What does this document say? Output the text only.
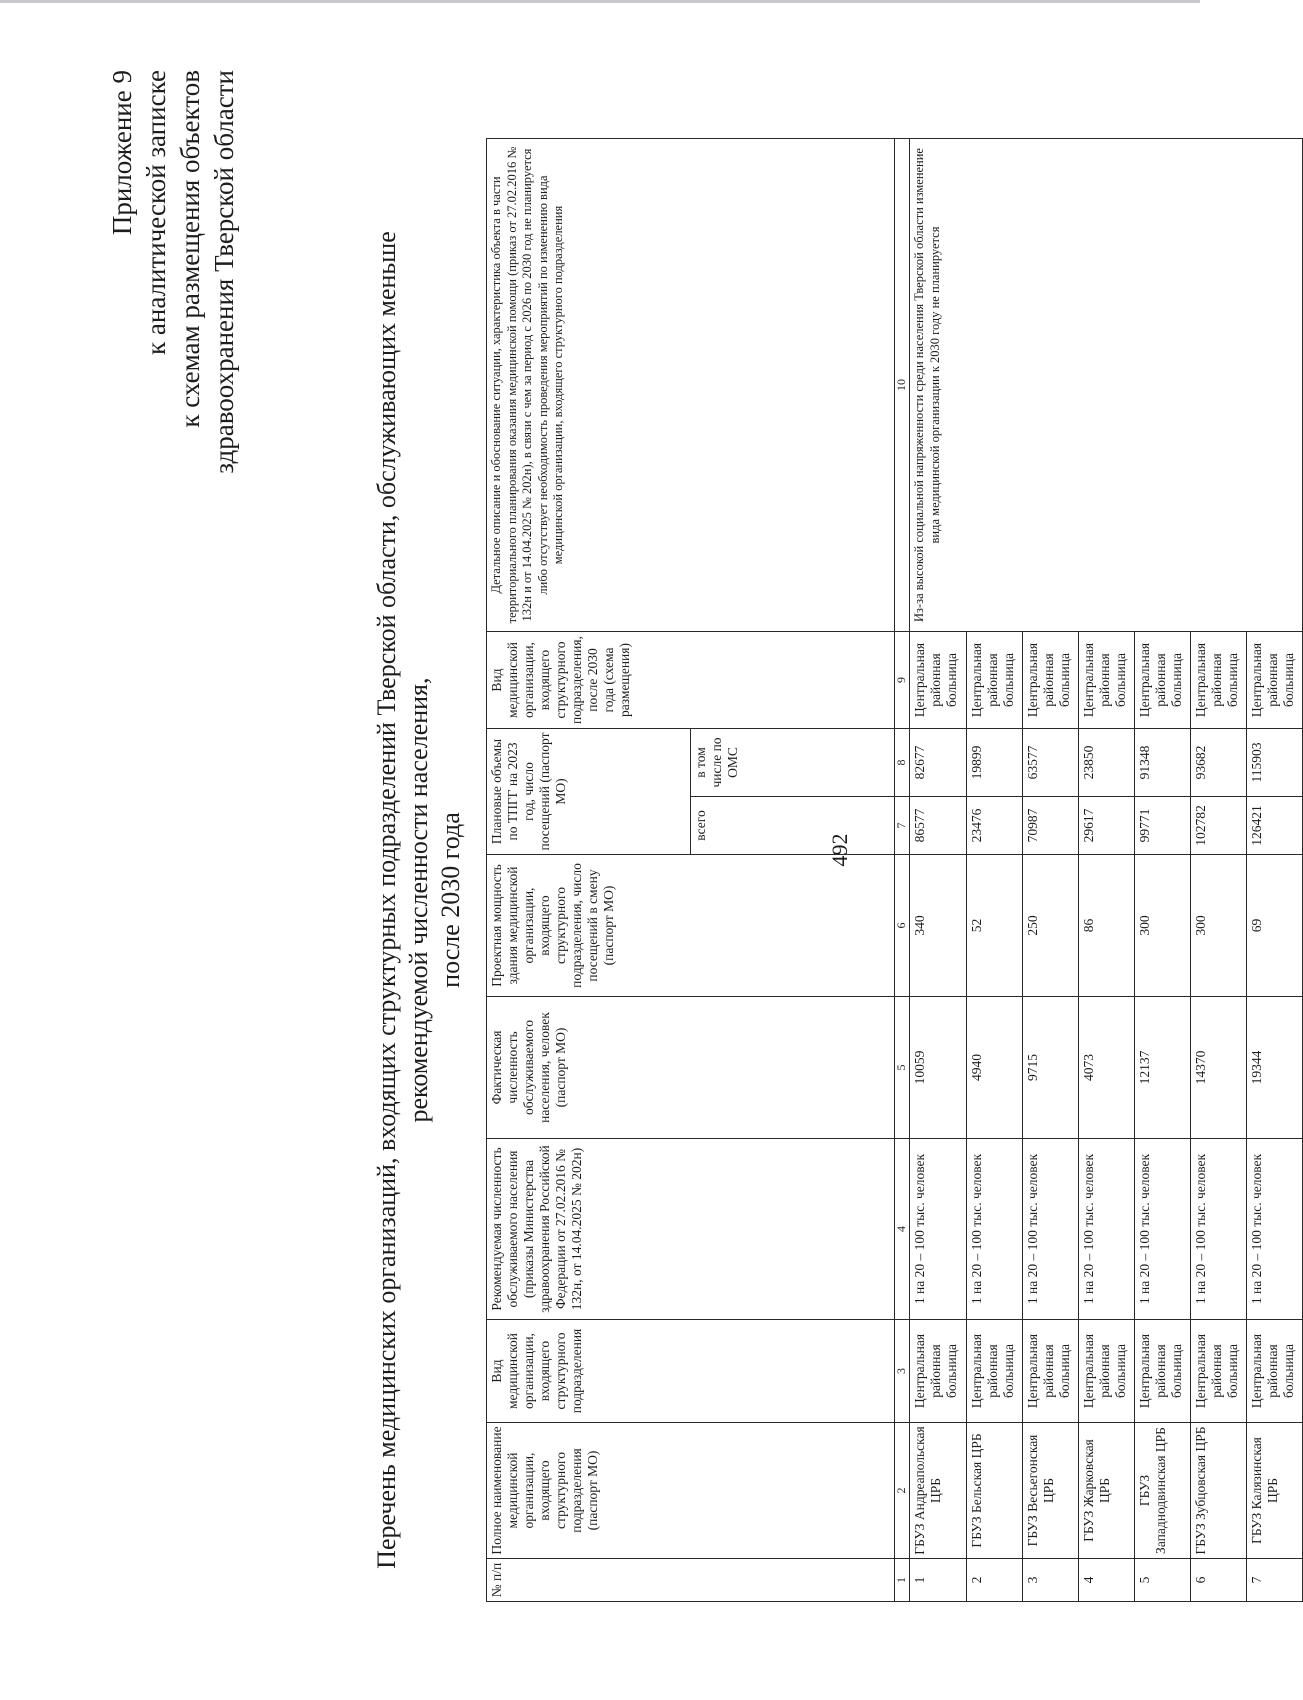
Приложение 9 к аналитической записке к схемам размещения объектов здравоохранения Тверской области
492
Перечень медицинских организаций, входящих структурных подразделений Тверской области, обслуживающих меньше рекомендуемой численности населения, после 2030 года
№ п/п	Полное наименование медицинской организации, входящего структурного подразделения (паспорт МО)	Вид медицинской организации, входящего структурного подразделения	Рекомендуемая численность обслуживаемого населения (приказы Министерства здравоохранения Российской Федерации от 27.02.2016 № 132н, от 14.04.2025 № 202н)	Фактическая численность обслуживаемого населения, человек (паспорт МО)	Проектная мощность здания медицинской организации, входящего структурного подразделения, число посещений в смену (паспорт МО)	Плановые объемы по ТПГГ на 2023 год, число посещений (паспорт МО)		Вид медицинской организации, входящего структурного подразделения, после 2030 года (схема размещения)	Детальное описание и обоснование ситуации, характеристика объекта в части территориального планирования оказания медицинской помощи (приказ от 27.02.2016 № 132н и от 14.04.2025 № 202н), в связи с чем за период с 2026 по 2030 год не планируется либо отсутствует необходимость проведения мероприятий по изменению вида медицинской организации, входящего структурного подразделения

						всего	в том числе по ОМС		
1	2	3	4	5	6	7	8	9	10
1	ГБУЗ Андреапольская ЦРБ	Центральная районная больница	1 на 20 – 100 тыс. человек	10059	340	86577	82677	Центральная районная больница	Из-за высокой социальной напряженности среди населения Тверской области изменение вида медицинской организации к 2030 году не планируется
2	ГБУЗ Бельская ЦРБ	Центральная районная больница	1 на 20 – 100 тыс. человек	4940	52	23476	19899	Центральная районная больница	
3	ГБУЗ Весьегонская ЦРБ	Центральная районная больница	1 на 20 – 100 тыс. человек	9715	250	70987	63577	Центральная районная больница	
4	ГБУЗ Жарковская ЦРБ	Центральная районная больница	1 на 20 – 100 тыс. человек	4073	86	29617	23850	Центральная районная больница	
5	ГБУЗ Западнодвинская ЦРБ	Центральная районная больница	1 на 20 – 100 тыс. человек	12137	300	99771	91348	Центральная районная больница	
6	ГБУЗ Зубцовская ЦРБ	Центральная районная больница	1 на 20 – 100 тыс. человек	14370	300	102782	93682	Центральная районная больница	
7	ГБУЗ Калязинская ЦРБ	Центральная районная больница	1 на 20 – 100 тыс. человек	19344	69	126421	115903	Центральная районная больница	
